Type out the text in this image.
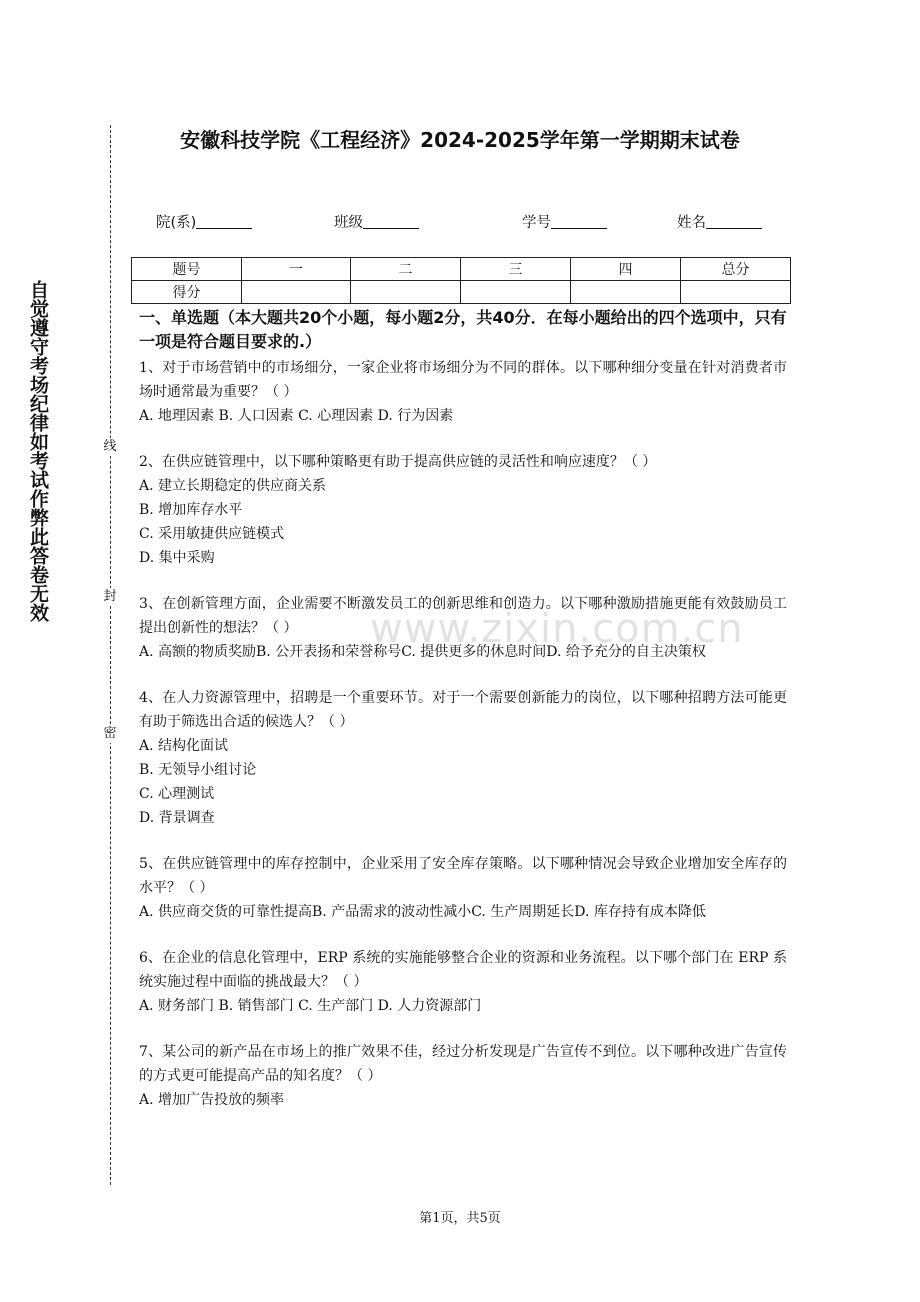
自觉遵守考场纪律如考试作弊此答卷无效	线
封
密
安徽科技学院《工程经济》2024-2025学年第一学期期末试卷
院(系)	班级	学号	姓名
题号	一	二	三	四	总分
得分					
www.zixin.com.cn
一、单选题（本大题共20个小题，每小题2分，共40分．在每小题给出的四个选项中，只有一项是符合题目要求的.）
1、对于市场营销中的市场细分，一家企业将市场细分为不同的群体。以下哪种细分变量在针对消费者市场时通常最为重要？（ ）
A. 地理因素 B. 人口因素 C. 心理因素 D. 行为因素
2、在供应链管理中，以下哪种策略更有助于提高供应链的灵活性和响应速度？（ ）
A. 建立长期稳定的供应商关系
B. 增加库存水平
C. 采用敏捷供应链模式
D. 集中采购
3、在创新管理方面，企业需要不断激发员工的创新思维和创造力。以下哪种激励措施更能有效鼓励员工提出创新性的想法？（ ）
A. 高额的物质奖励B. 公开表扬和荣誉称号C. 提供更多的休息时间D. 给予充分的自主决策权
4、在人力资源管理中，招聘是一个重要环节。对于一个需要创新能力的岗位，以下哪种招聘方法可能更有助于筛选出合适的候选人？（ ）
A. 结构化面试
B. 无领导小组讨论
C. 心理测试
D. 背景调查
5、在供应链管理中的库存控制中，企业采用了安全库存策略。以下哪种情况会导致企业增加安全库存的水平？（ ）
A. 供应商交货的可靠性提高B. 产品需求的波动性减小C. 生产周期延长D. 库存持有成本降低
6、在企业的信息化管理中，ERP 系统的实施能够整合企业的资源和业务流程。以下哪个部门在 ERP 系统实施过程中面临的挑战最大？（ ）
A. 财务部门 B. 销售部门 C. 生产部门 D. 人力资源部门
7、某公司的新产品在市场上的推广效果不佳，经过分析发现是广告宣传不到位。以下哪种改进广告宣传的方式更可能提高产品的知名度？（ ）
A. 增加广告投放的频率
第1页，共5页
